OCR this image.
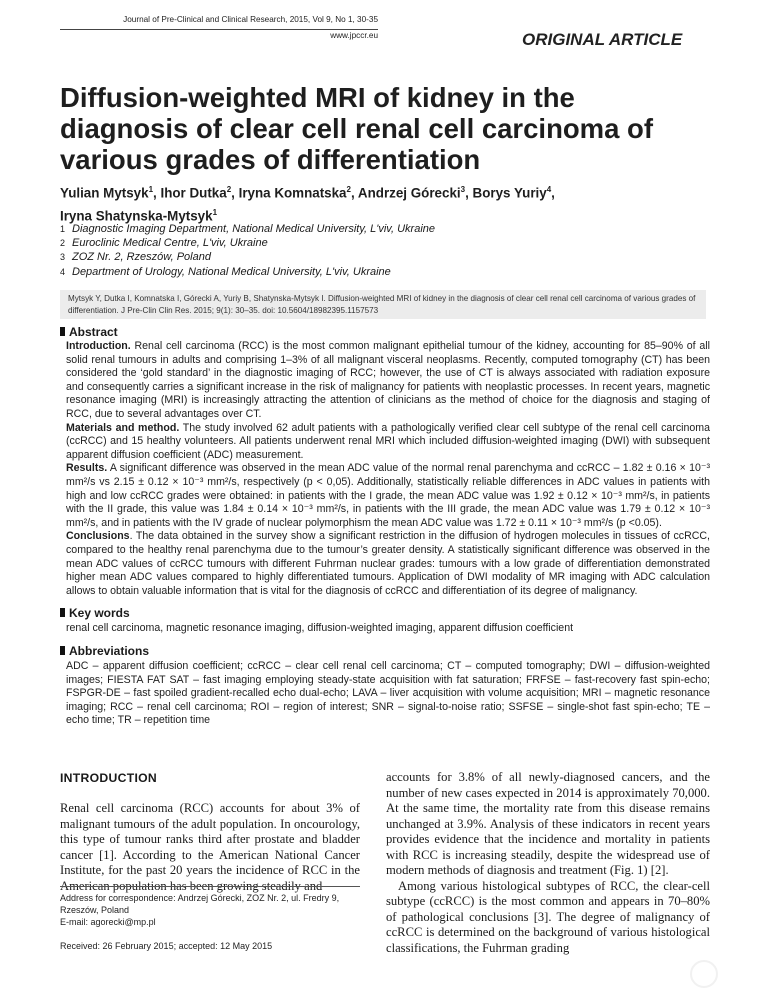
Journal of Pre-Clinical and Clinical Research, 2015, Vol 9, No 1, 30-35
www.jpccr.eu	ORIGINAL ARTICLE
Diffusion-weighted MRI of kidney in the diagnosis of clear cell renal cell carcinoma of various grades of differentiation
Yulian Mytsyk$^1$, Ihor Dutka$^2$, Iryna Komnatska$^2$, Andrzej Górecki$^3$, Borys Yuriy$^4$,
Iryna Shatynska-Mytsyk$^1$
1 Diagnostic Imaging Department, National Medical University, L'viv, Ukraine
2 Euroclinic Medical Centre, L'viv, Ukraine
3 ZOZ Nr. 2, Rzeszów, Poland
4 Department of Urology, National Medical University, L'viv, Ukraine
Mytsyk Y, Dutka I, Komnatska I, Górecki A, Yuriy B, Shatynska-Mytsyk I. Diffusion-weighted MRI of kidney in the diagnosis of clear cell renal cell carcinoma of various grades of differentiation. J Pre-Clin Clin Res. 2015; 9(1): 30–35. doi: 10.5604/18982395.1157573
Abstract
Introduction. Renal cell carcinoma (RCC) is the most common malignant epithelial tumour of the kidney, accounting for 85–90% of all solid renal tumours in adults and comprising 1–3% of all malignant visceral neoplasms. Recently, computed tomography (CT) has been considered the ‘gold standard’ in the diagnostic imaging of RCC; however, the use of CT is always associated with radiation exposure and consequently carries a significant increase in the risk of malignancy for patients with neoplastic processes. In recent years, magnetic resonance imaging (MRI) is increasingly attracting the attention of clinicians as the method of choice for the diagnosis and staging of RCC, due to several advantages over CT.
Materials and method. The study involved 62 adult patients with a pathologically verified clear cell subtype of the renal cell carcinoma (ccRCC) and 15 healthy volunteers. All patients underwent renal MRI which included diffusion-weighted imaging (DWI) with subsequent apparent diffusion coefficient (ADC) measurement.
Results. A significant difference was observed in the mean ADC value of the normal renal parenchyma and ccRCC – 1.82 ± 0.16 × 10⁻³ mm²/s vs 2.15 ± 0.12 × 10⁻³ mm²/s, respectively (p < 0,05). Additionally, statistically reliable differences in ADC values in patients with high and low ccRCC grades were obtained: in patients with the I grade, the mean ADC value was 1.92 ± 0.12 × 10⁻³ mm²/s, in patients with the II grade, this value was 1.84 ± 0.14 × 10⁻³ mm²/s, in patients with the III grade, the mean ADC value was 1.79 ± 0.12 × 10⁻³ mm²/s, and in patients with the IV grade of nuclear polymorphism the mean ADC value was 1.72 ± 0.11 × 10⁻³ mm²/s (p <0.05).
Conclusions. The data obtained in the survey show a significant restriction in the diffusion of hydrogen molecules in tissues of ccRCC, compared to the healthy renal parenchyma due to the tumour’s greater density. A statistically significant difference was observed in the mean ADC values of ccRCC tumours with different Fuhrman nuclear grades: tumours with a low grade of differentiation demonstrated higher mean ADC values compared to highly differentiated tumours. Application of DWI modality of MR imaging with ADC calculation allows to obtain valuable information that is vital for the diagnosis of ccRCC and differentiation of its degree of malignancy.
Key words
renal cell carcinoma, magnetic resonance imaging, diffusion-weighted imaging, apparent diffusion coefficient
Abbreviations
ADC – apparent diffusion coefficient; ccRCC – clear cell renal cell carcinoma; CT – computed tomography; DWI – diffusion-weighted images; FIESTA FAT SAT – fast imaging employing steady-state acquisition with fat saturation; FRFSE – fast-recovery fast spin-echo; FSPGR-DE – fast spoiled gradient-recalled echo dual-echo; LAVA – liver acquisition with volume acquisition; MRI – magnetic resonance imaging; RCC – renal cell carcinoma; ROI – region of interest; SNR – signal-to-noise ratio; SSFSE – single-shot fast spin-echo; TE – echo time; TR – repetition time
INTRODUCTION
Renal cell carcinoma (RCC) accounts for about 3% of malignant tumours of the adult population. In oncourology, this type of tumour ranks third after prostate and bladder cancer [1]. According to the American National Cancer Institute, for the past 20 years the incidence of RCC in the American population has been growing steadily and
Address for correspondence: Andrzej Górecki, ZOZ Nr. 2, ul. Fredry 9, Rzeszów, Poland
E-mail: agorecki@mp.pl
Received: 26 February 2015; accepted: 12 May 2015
accounts for 3.8% of all newly-diagnosed cancers, and the number of new cases expected in 2014 is approximately 70,000. At the same time, the mortality rate from this disease remains unchanged at 3.9%. Analysis of these indicators in recent years provides evidence that the incidence and mortality in patients with RCC is increasing steadily, despite the widespread use of modern methods of diagnosis and treatment (Fig. 1) [2].
Among various histological subtypes of RCC, the clear-cell subtype (ccRCC) is the most common and appears in 70–80% of pathological conclusions [3]. The degree of malignancy of ccRCC is determined on the background of various histological classifications, the Fuhrman grading
